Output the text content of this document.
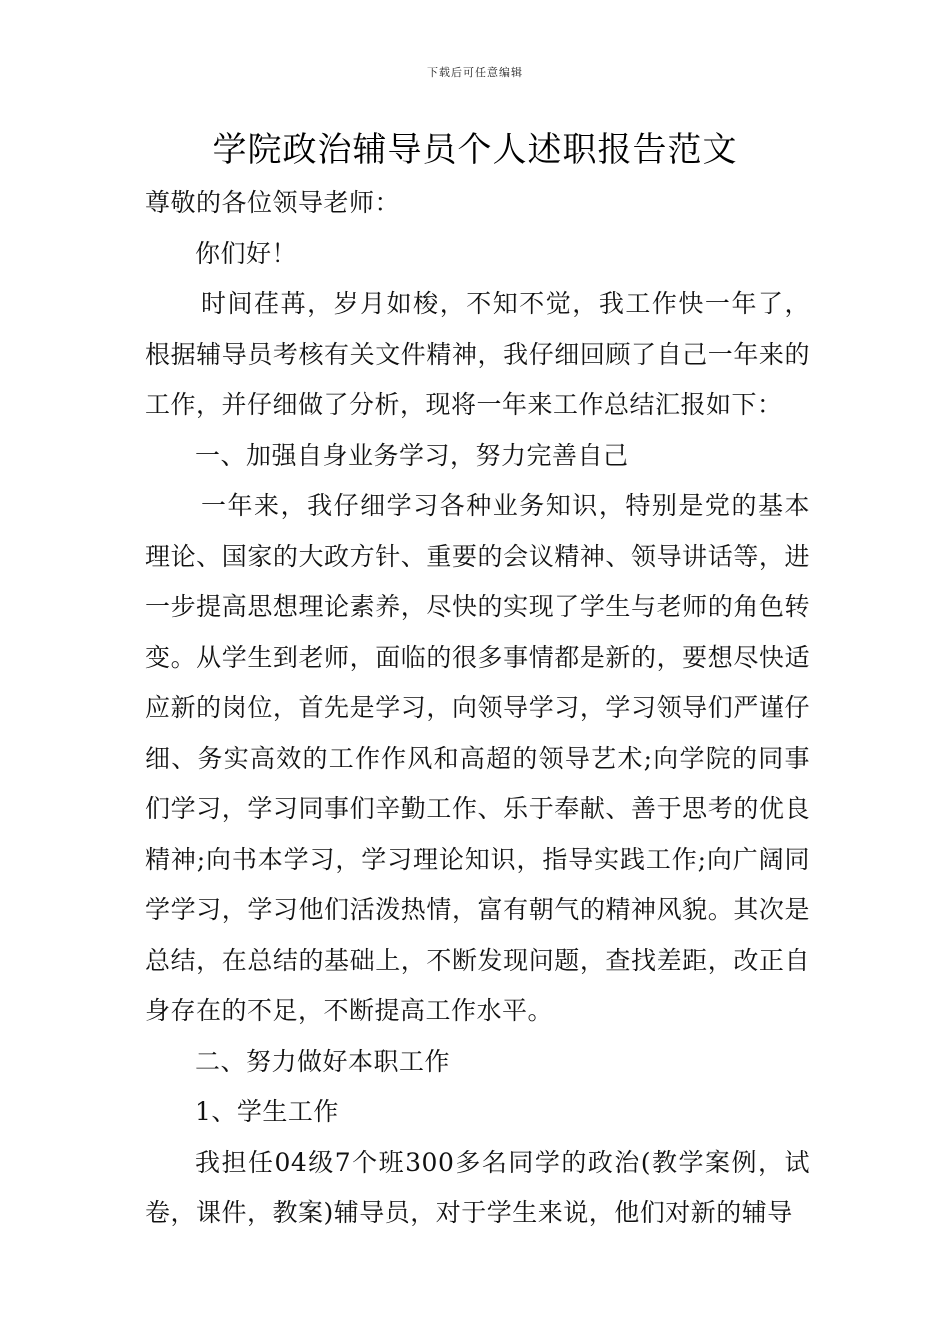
下载后可任意编辑
学院政治辅导员个人述职报告范文

尊敬的各位领导老师：

你们好！

时间荏苒，岁月如梭，不知不觉，我工作快一年了，根据辅导员考核有关文件精神，我仔细回顾了自己一年来的工作，并仔细做了分析，现将一年来工作总结汇报如下：

一、加强自身业务学习，努力完善自己

一年来，我仔细学习各种业务知识，特别是党的基本理论、国家的大政方针、重要的会议精神、领导讲话等，进一步提高思想理论素养，尽快的实现了学生与老师的角色转变。从学生到老师，面临的很多事情都是新的，要想尽快适应新的岗位，首先是学习，向领导学习，学习领导们严谨仔细、务实高效的工作作风和高超的领导艺术;向学院的同事们学习，学习同事们辛勤工作、乐于奉献、善于思考的优良精神;向书本学习，学习理论知识，指导实践工作;向广阔同学学习，学习他们活泼热情，富有朝气的精神风貌。其次是总结，在总结的基础上，不断发现问题，查找差距，改正自身存在的不足，不断提高工作水平。

二、努力做好本职工作

1、学生工作

我担任04级7个班300多名同学的政治(教学案例，试卷，课件，教案)辅导员，对于学生来说，他们对新的辅导
